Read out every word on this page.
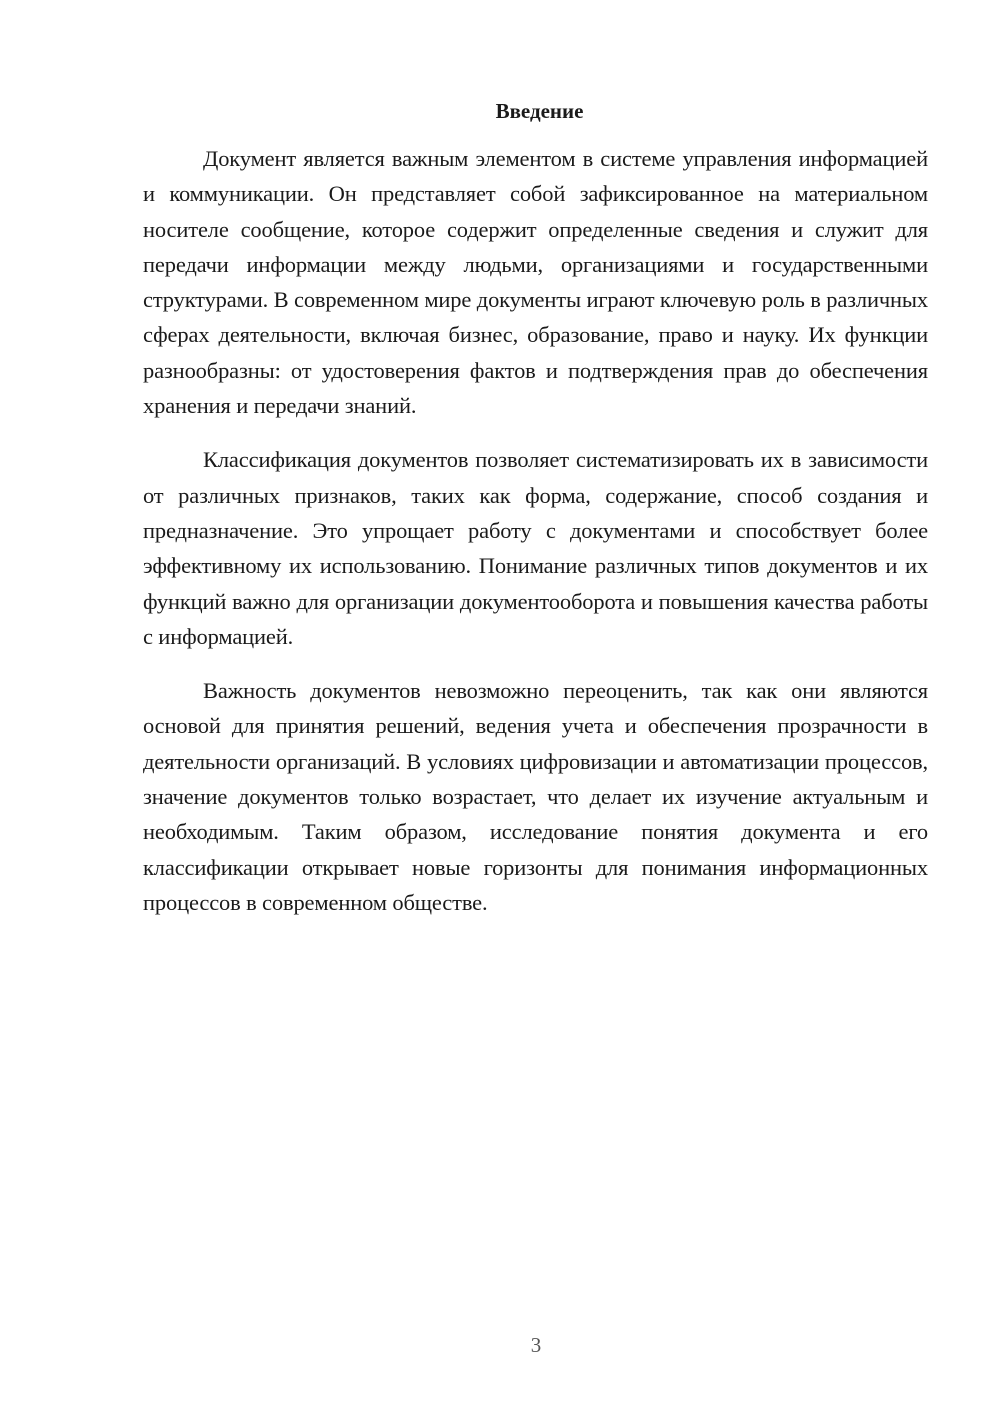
Введение

Документ является важным элементом в системе управления информацией и коммуникации. Он представляет собой зафиксированное на материальном носителе сообщение, которое содержит определенные сведения и служит для передачи информации между людьми, организациями и государственными структурами. В современном мире документы играют ключевую роль в различных сферах деятельности, включая бизнес, образование, право и науку. Их функции разнообразны: от удостоверения фактов и подтверждения прав до обеспечения хранения и передачи знаний.

Классификация документов позволяет систематизировать их в зависимости от различных признаков, таких как форма, содержание, способ создания и предназначение. Это упрощает работу с документами и способствует более эффективному их использованию. Понимание различных типов документов и их функций важно для организации документооборота и повышения качества работы с информацией.

Важность документов невозможно переоценить, так как они являются основой для принятия решений, ведения учета и обеспечения прозрачности в деятельности организаций. В условиях цифровизации и автоматизации процессов, значение документов только возрастает, что делает их изучение актуальным и необходимым. Таким образом, исследование понятия документа и его классификации открывает новые горизонты для понимания информационных процессов в современном обществе.

3
